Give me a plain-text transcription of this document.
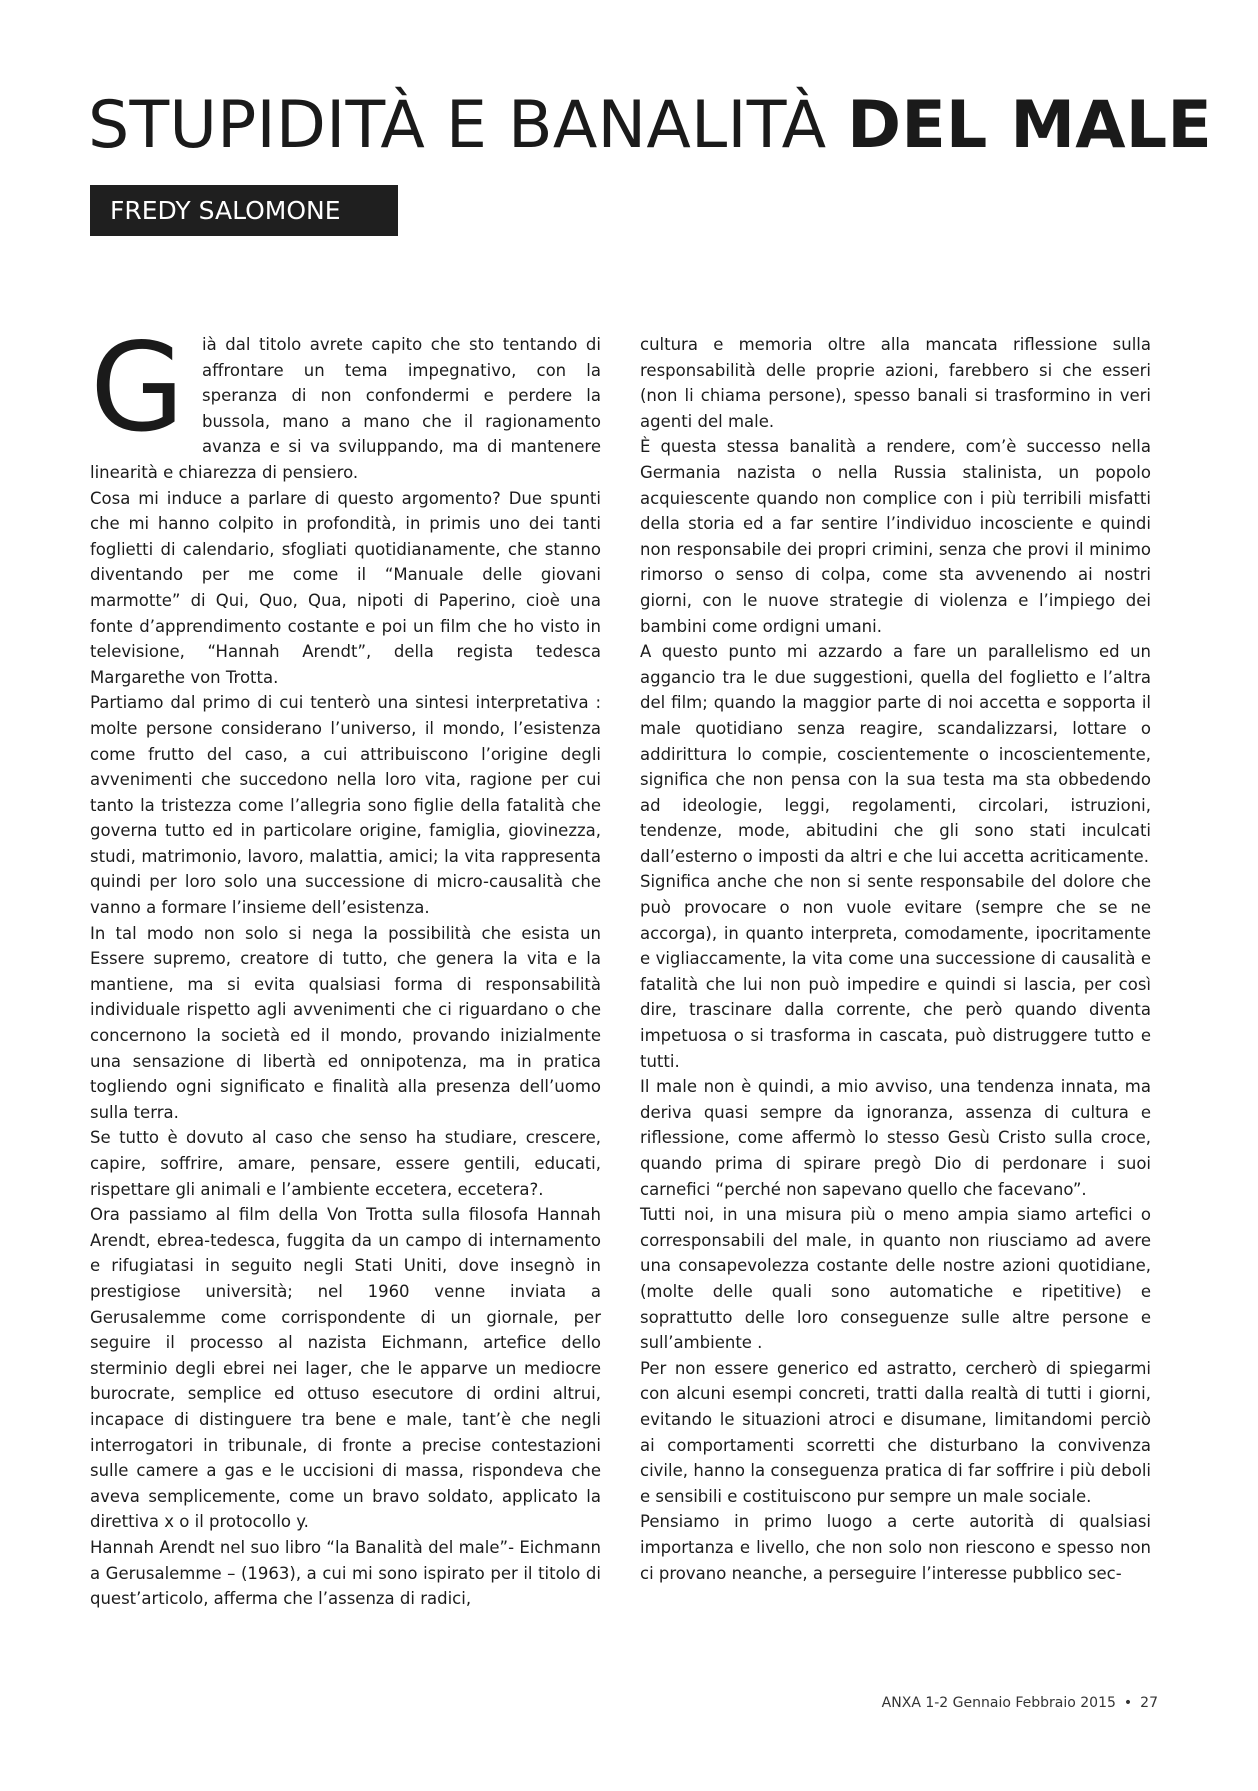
STUPIDITÀ E BANALITÀ DEL MALE
FREDY SALOMONE
G	ià dal titolo avrete capito che sto tentando di affrontare un tema impegnativo, con la speranza di non confondermi e perdere la bussola, mano a mano che il ragionamento avanza e si va sviluppando, ma di mantenere linearità e chiarezza di pensiero.

Cosa mi induce a parlare di questo argomento? Due spunti che mi hanno colpito in profondità, in primis uno dei tanti foglietti di calendario, sfogliati quotidianamente, che stanno diventando per me come il “Manuale delle giovani marmotte” di Qui, Quo, Qua, nipoti di Paperino, cioè una fonte d’apprendimento costante e poi un film che ho visto in televisione, “Hannah Arendt”, della regista tedesca Margarethe von Trotta.

Partiamo dal primo di cui tenterò una sintesi interpretativa : molte persone considerano l’universo, il mondo, l’esistenza come frutto del caso, a cui attribuiscono l’origine degli avvenimenti che succedono nella loro vita, ragione per cui tanto la tristezza come l’allegria sono figlie della fatalità che governa tutto ed in particolare origine, famiglia, giovinezza, studi, matrimonio, lavoro, malattia, amici; la vita rappresenta quindi per loro solo una successione di micro-causalità che vanno a formare l’insieme dell’esistenza.

In tal modo non solo si nega la possibilità che esista un Essere supremo, creatore di tutto, che genera la vita e la mantiene, ma si evita qualsiasi forma di responsabilità individuale rispetto agli avvenimenti che ci riguardano o che concernono la società ed il mondo, provando inizialmente una sensazione di libertà ed onnipotenza, ma in pratica togliendo ogni significato e finalità alla presenza dell’uomo sulla terra.

Se tutto è dovuto al caso che senso ha studiare, crescere, capire, soffrire, amare, pensare, essere gentili, educati, rispettare gli animali e l’ambiente eccetera, eccetera?.

Ora passiamo al film della Von Trotta sulla filosofa Hannah Arendt, ebrea-tedesca, fuggita da un campo di internamento e rifugiatasi in seguito negli Stati Uniti, dove insegnò in prestigiose università; nel 1960 venne inviata a Gerusalemme come corrispondente di un giornale, per seguire il processo al nazista Eichmann, artefice dello sterminio degli ebrei nei lager, che le apparve un mediocre burocrate, semplice ed ottuso esecutore di ordini altrui, incapace di distinguere tra bene e male, tant’è che negli interrogatori in tribunale, di fronte a precise contestazioni sulle camere a gas e le uccisioni di massa, rispondeva che aveva semplicemente, come un bravo soldato, applicato la direttiva x o il protocollo y.

Hannah Arendt nel suo libro “la Banalità del male”- Eichmann a Gerusalemme – (1963), a cui mi sono ispirato per il titolo di quest’articolo, afferma che l’assenza di radici,

cultura e memoria oltre alla mancata riflessione sulla responsabilità delle proprie azioni, farebbero si che esseri (non li chiama persone), spesso banali si trasformino in veri agenti del male.

È questa stessa banalità a rendere, com’è successo nella Germania nazista o nella Russia stalinista, un popolo acquiescente quando non complice con i più terribili misfatti della storia ed a far sentire l’individuo incosciente e quindi non responsabile dei propri crimini, senza che provi il minimo rimorso o senso di colpa, come sta avvenendo ai nostri giorni, con le nuove strategie di violenza e l’impiego dei bambini come ordigni umani.

A questo punto mi azzardo a fare un parallelismo ed un aggancio tra le due suggestioni, quella del foglietto e l’altra del film; quando la maggior parte di noi accetta e sopporta il male quotidiano senza reagire, scandalizzarsi, lottare o addirittura lo compie, coscientemente o incoscientemente, significa che non pensa con la sua testa ma sta obbedendo ad ideologie, leggi, regolamenti, circolari, istruzioni, tendenze, mode, abitudini che gli sono stati inculcati dall’esterno o imposti da altri e che lui accetta acriticamente.

Significa anche che non si sente responsabile del dolore che può provocare o non vuole evitare (sempre che se ne accorga), in quanto interpreta, comodamente, ipocritamente e vigliaccamente, la vita come una successione di causalità e fatalità che lui non può impedire e quindi si lascia, per così dire, trascinare dalla corrente, che però quando diventa impetuosa o si trasforma in cascata, può distruggere tutto e tutti.

Il male non è quindi, a mio avviso, una tendenza innata, ma deriva quasi sempre da ignoranza, assenza di cultura e riflessione, come affermò lo stesso Gesù Cristo sulla croce, quando prima di spirare pregò Dio di perdonare i suoi carnefici “perché non sapevano quello che facevano”.

Tutti noi, in una misura più o meno ampia siamo artefici o corresponsabili del male, in quanto non riusciamo ad avere una consapevolezza costante delle nostre azioni quotidiane, (molte delle quali sono automatiche e ripetitive) e soprattutto delle loro conseguenze sulle altre persone e sull’ambiente .

Per non essere generico ed astratto, cercherò di spiegarmi con alcuni esempi concreti, tratti dalla realtà di tutti i giorni, evitando le situazioni atroci e disumane, limitandomi perciò ai comportamenti scorretti che disturbano la convivenza civile, hanno la conseguenza pratica di far soffrire i più deboli e sensibili e costituiscono pur sempre un male sociale.

Pensiamo in primo luogo a certe autorità di qualsiasi importanza e livello, che non solo non riescono e spesso non ci provano neanche, a perseguire l’interesse pubblico sec-

ANXA 1-2 Gennaio Febbraio 2015 • 27
